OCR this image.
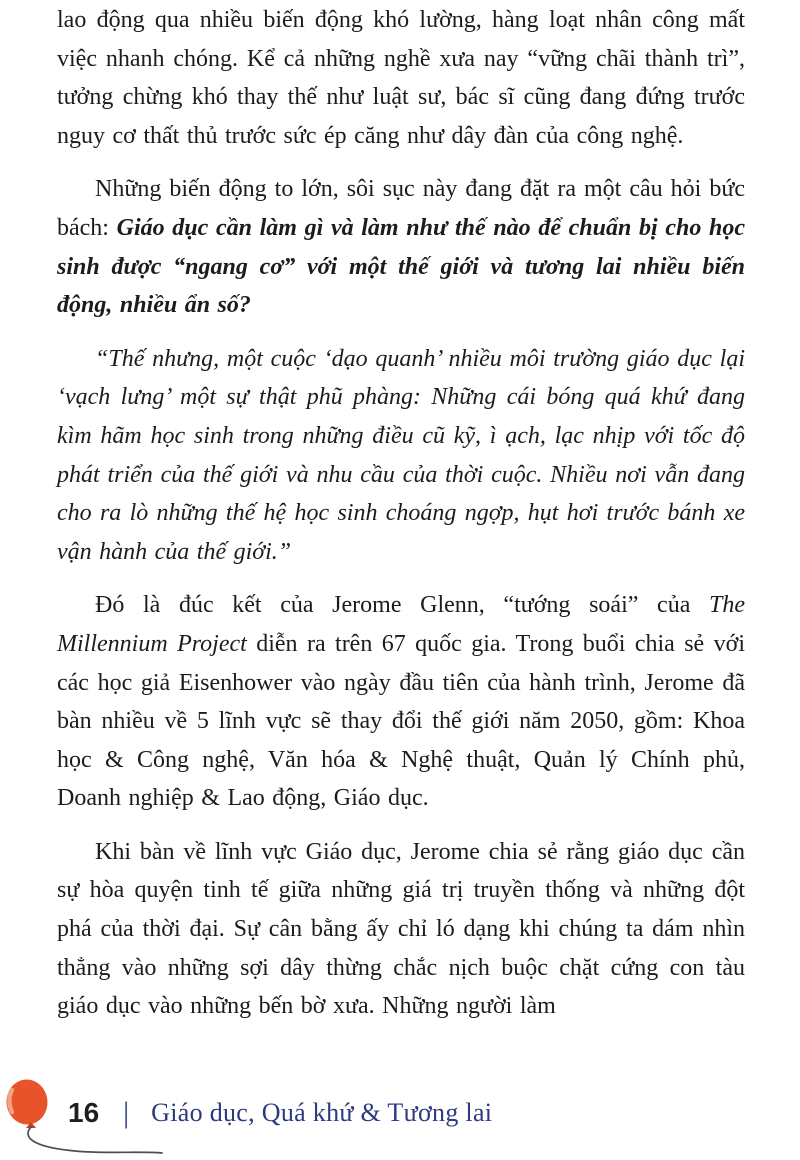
lao động qua nhiều biến động khó lường, hàng loạt nhân công mất việc nhanh chóng. Kể cả những nghề xưa nay “vững chãi thành trì”, tưởng chừng khó thay thế như luật sư, bác sĩ cũng đang đứng trước nguy cơ thất thủ trước sức ép căng như dây đàn của công nghệ.

Những biến động to lớn, sôi sục này đang đặt ra một câu hỏi bức bách: Giáo dục cần làm gì và làm như thế nào để chuẩn bị cho học sinh được “ngang cơ” với một thế giới và tương lai nhiều biến động, nhiều ẩn số?

“Thế nhưng, một cuộc ‘dạo quanh’ nhiều môi trường giáo dục lại ‘vạch lưng’ một sự thật phũ phàng: Những cái bóng quá khứ đang kìm hãm học sinh trong những điều cũ kỹ, ì ạch, lạc nhịp với tốc độ phát triển của thế giới và nhu cầu của thời cuộc. Nhiều nơi vẫn đang cho ra lò những thế hệ học sinh choáng ngợp, hụt hơi trước bánh xe vận hành của thế giới.”

Đó là đúc kết của Jerome Glenn, “tướng soái” của The Millennium Project diễn ra trên 67 quốc gia. Trong buổi chia sẻ với các học giả Eisenhower vào ngày đầu tiên của hành trình, Jerome đã bàn nhiều về 5 lĩnh vực sẽ thay đổi thế giới năm 2050, gồm: Khoa học & Công nghệ, Văn hóa & Nghệ thuật, Quản lý Chính phủ, Doanh nghiệp & Lao động, Giáo dục.

Khi bàn về lĩnh vực Giáo dục, Jerome chia sẻ rằng giáo dục cần sự hòa quyện tinh tế giữa những giá trị truyền thống và những đột phá của thời đại. Sự cân bằng ấy chỉ ló dạng khi chúng ta dám nhìn thẳng vào những sợi dây thừng chắc nịch buộc chặt cứng con tàu giáo dục vào những bến bờ xưa. Những người làm

16 | Giáo dục, Quá khứ & Tương lai
